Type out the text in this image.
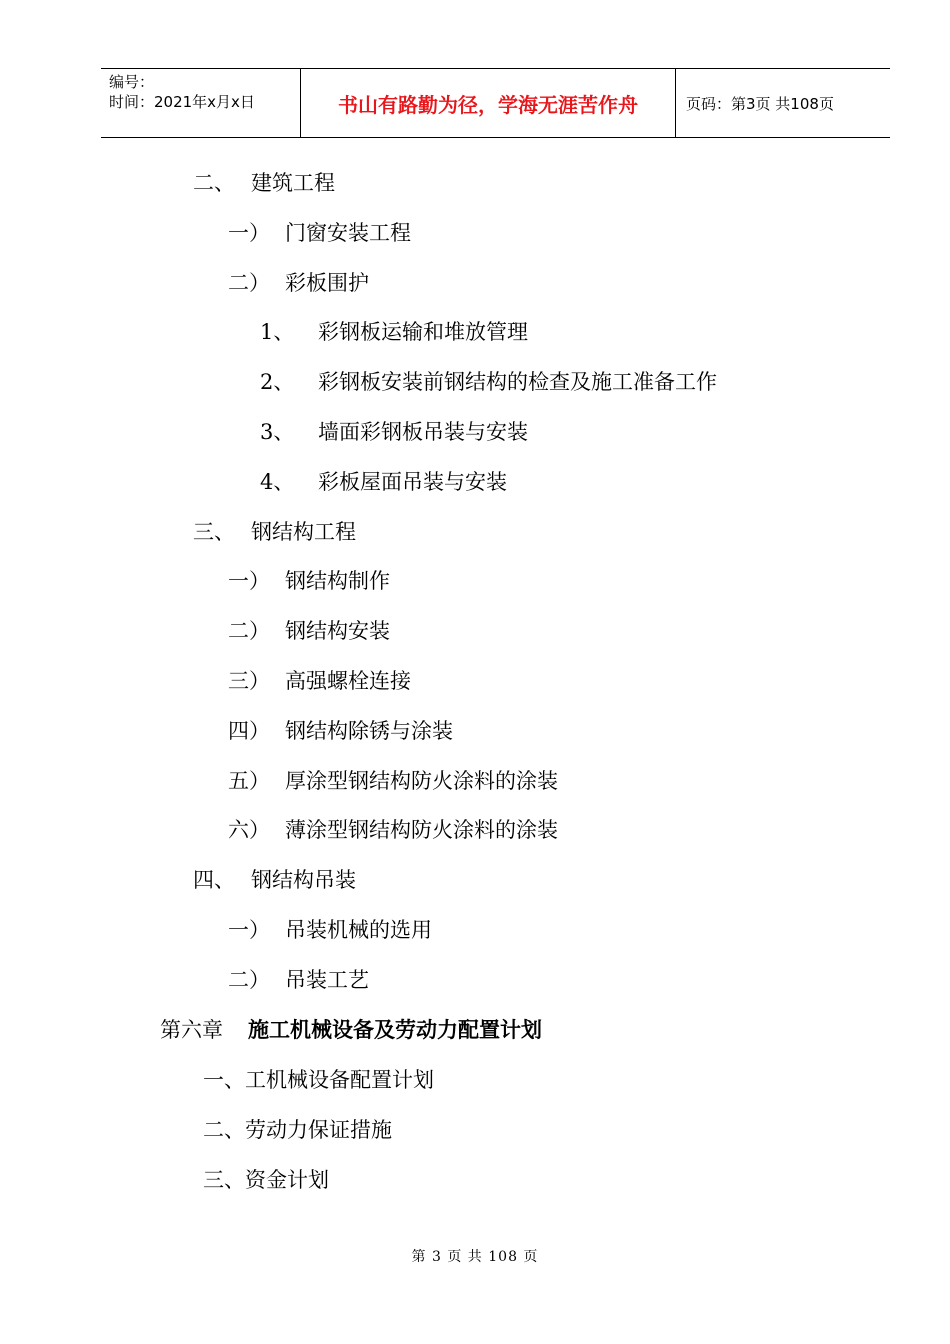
编号：
时间：2021年x月x日	书山有路勤为径，学海无涯苦作舟	页码：第3页 共108页
二、 建筑工程
一） 门窗安装工程
二） 彩板围护
1、 彩钢板运输和堆放管理
2、 彩钢板安装前钢结构的检查及施工准备工作
3、 墙面彩钢板吊装与安装
4、 彩板屋面吊装与安装
三、 钢结构工程
一） 钢结构制作
二） 钢结构安装
三） 高强螺栓连接
四） 钢结构除锈与涂装
五） 厚涂型钢结构防火涂料的涂装
六） 薄涂型钢结构防火涂料的涂装
四、 钢结构吊装
一） 吊装机械的选用
二） 吊装工艺
第六章 施工机械设备及劳动力配置计划
一、工机械设备配置计划
二、劳动力保证措施
三、资金计划
第 3 页 共 108 页
